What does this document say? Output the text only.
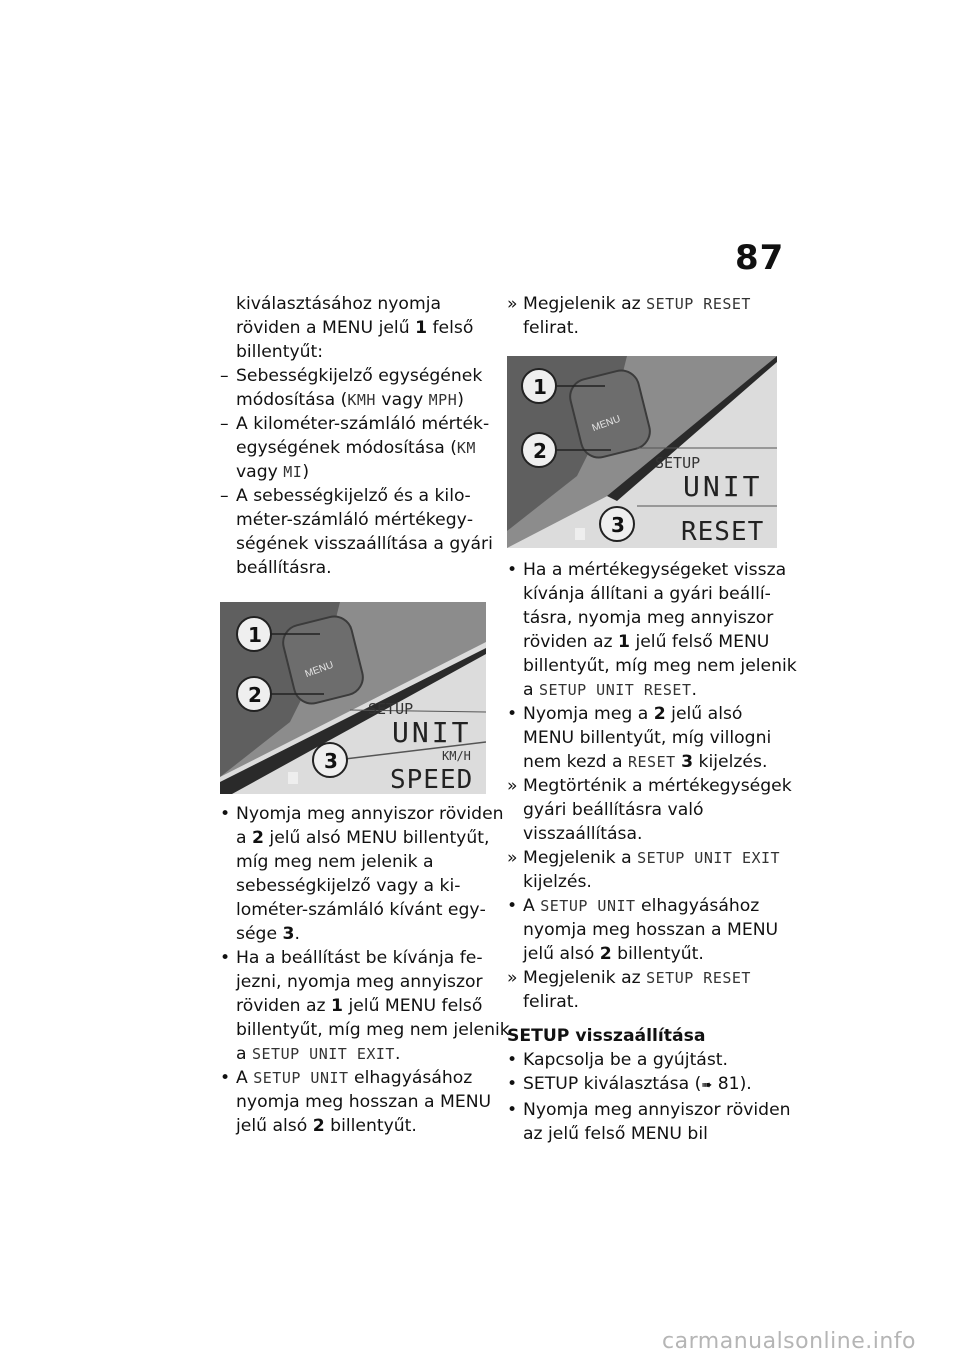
87
kiválasztásához nyomja röviden a MENU jelű 1 felső billentyűt:
– Sebességkijelző egységének módosítása (KMH vagy MPH)
– A kilométer-számláló mértékegységének módosítása (KM vagy MI)
– A sebességkijelző és a kilométer-számláló mértékegységének visszaállítása a gyári beállításra.
MENU
SETUP
UNIT
KM/H
SPEED
1
2
3
• Nyomja meg annyiszor röviden a 2 jelű alsó MENU billentyűt, míg meg nem jelenik a sebességkijelző vagy a kilométer-számláló kívánt egysége 3.
• Ha a beállítást be kívánja fejezni, nyomja meg annyiszor röviden az 1 jelű MENU felső billentyűt, míg meg nem jelenik a SETUP UNIT EXIT.
• A SETUP UNIT elhagyásához nyomja meg hosszan a MENU jelű alsó 2 billentyűt.
» Megjelenik az SETUP RESET felirat.
MENU
SETUP
UNIT
RESET
1
2
3
• Ha a mértékegységeket vissza kívánja állítani a gyári beállításra, nyomja meg annyiszor röviden az 1 jelű felső MENU billentyűt, míg meg nem jelenik a SETUP UNIT RESET.
• Nyomja meg a 2 jelű alsó MENU billentyűt, míg villogni nem kezd a RESET 3 kijelzés.
» Megtörténik a mértékegységek gyári beállításra való visszaállítása.
» Megjelenik a SETUP UNIT EXIT kijelzés.
• A SETUP UNIT elhagyásához nyomja meg hosszan a MENU jelű alsó 2 billentyűt.
» Megjelenik az SETUP RESET felirat.
SETUP visszaállítása
• Kapcsolja be a gyújtást.
• SETUP kiválasztása (➠ 81).
• Nyomja meg annyiszor röviden az jelű felső MENU bil
carmanualsonline.info
